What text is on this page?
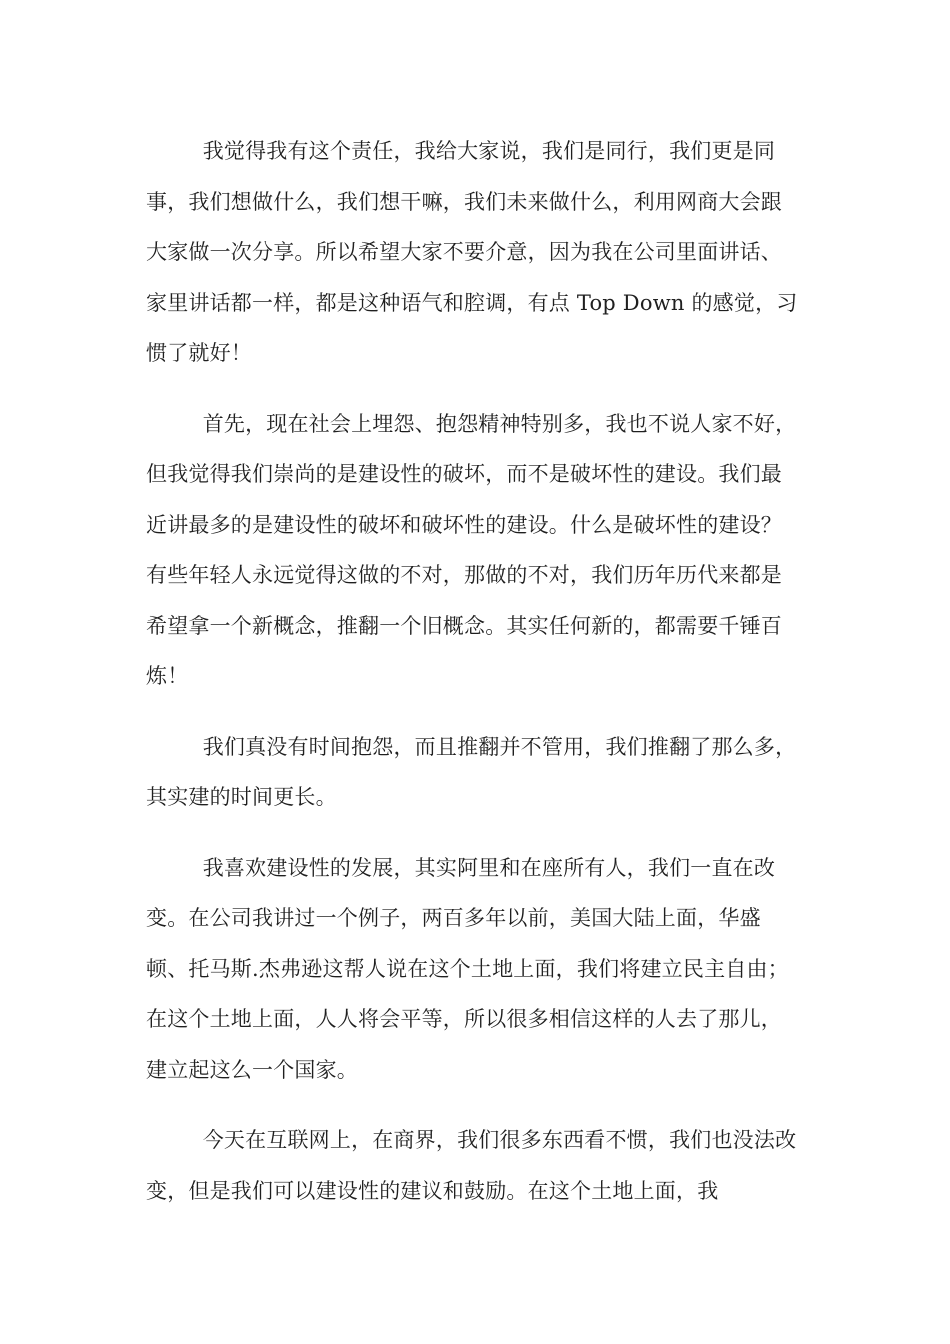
我觉得我有这个责任，我给大家说，我们是同行，我们更是同事，我们想做什么，我们想干嘛，我们未来做什么，利用网商大会跟大家做一次分享。所以希望大家不要介意，因为我在公司里面讲话、家里讲话都一样，都是这种语气和腔调，有点 Top Down 的感觉，习惯了就好！

首先，现在社会上埋怨、抱怨精神特别多，我也不说人家不好，但我觉得我们崇尚的是建设性的破坏，而不是破坏性的建设。我们最近讲最多的是建设性的破坏和破坏性的建设。什么是破坏性的建设？有些年轻人永远觉得这做的不对，那做的不对，我们历年历代来都是希望拿一个新概念，推翻一个旧概念。其实任何新的，都需要千锤百炼！

我们真没有时间抱怨，而且推翻并不管用，我们推翻了那么多，其实建的时间更长。

我喜欢建设性的发展，其实阿里和在座所有人，我们一直在改变。在公司我讲过一个例子，两百多年以前，美国大陆上面，华盛顿、托马斯.杰弗逊这帮人说在这个土地上面，我们将建立民主自由；在这个土地上面，人人将会平等，所以很多相信这样的人去了那儿，建立起这么一个国家。

今天在互联网上，在商界，我们很多东西看不惯，我们也没法改变，但是我们可以建设性的建议和鼓励。在这个土地上面，我
